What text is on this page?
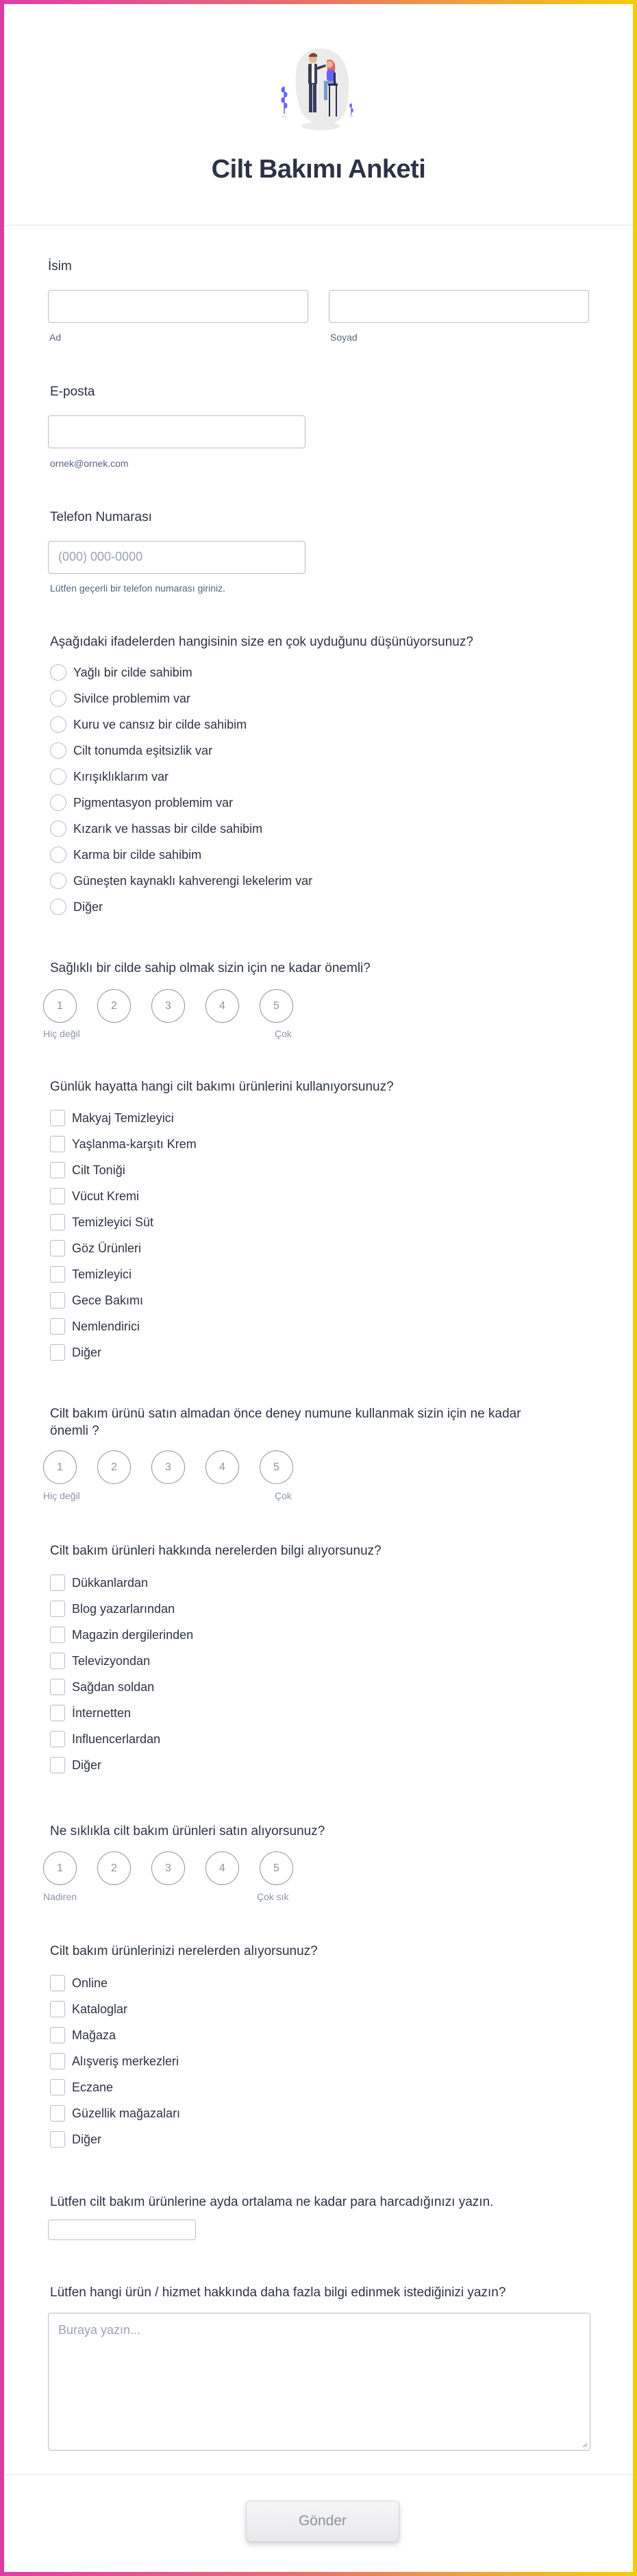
Cilt Bakımı Anketi
İsim
Ad	Soyad
E-posta
ornek@ornek.com
Telefon Numarası
(000) 000-0000
Lütfen geçerli bir telefon numarası giriniz.
Aşağıdaki ifadelerden hangisinin size en çok uyduğunu düşünüyorsunuz?
Yağlı bir cilde sahibim
Sivilce problemim var
Kuru ve cansız bir cilde sahibim
Cilt tonumda eşitsizlik var
Kırışıklıklarım var
Pigmentasyon problemim var
Kızarık ve hassas bir cilde sahibim
Karma bir cilde sahibim
Güneşten kaynaklı kahverengi lekelerim var
Diğer
Sağlıklı bir cilde sahip olmak sizin için ne kadar önemli?
1	2	3	4	5
Hiç değil	Çok
Günlük hayatta hangi cilt bakımı ürünlerini kullanıyorsunuz?
Makyaj Temizleyici
Yaşlanma-karşıtı Krem
Cilt Toniği
Vücut Kremi
Temizleyici Süt
Göz Ürünleri
Temizleyici
Gece Bakımı
Nemlendirici
Diğer
Cilt bakım ürünü satın almadan önce deney numune kullanmak sizin için ne kadar
önemli ?
1	2	3	4	5
Hiç değil	Çok
Cilt bakım ürünleri hakkında nerelerden bilgi alıyorsunuz?
Dükkanlardan
Blog yazarlarından
Magazin dergilerinden
Televizyondan
Sağdan soldan
İnternetten
Influencerlardan
Diğer
Ne sıklıkla cilt bakım ürünleri satın alıyorsunuz?
1	2	3	4	5
Nadiren	Çok sık
Cilt bakım ürünlerinizi nerelerden alıyorsunuz?
Online
Kataloglar
Mağaza
Alışveriş merkezleri
Eczane
Güzellik mağazaları
Diğer
Lütfen cilt bakım ürünlerine ayda ortalama ne kadar para harcadığınızı yazın.
Lütfen hangi ürün / hizmet hakkında daha fazla bilgi edinmek istediğinizi yazın?
Buraya yazın...
Gönder
